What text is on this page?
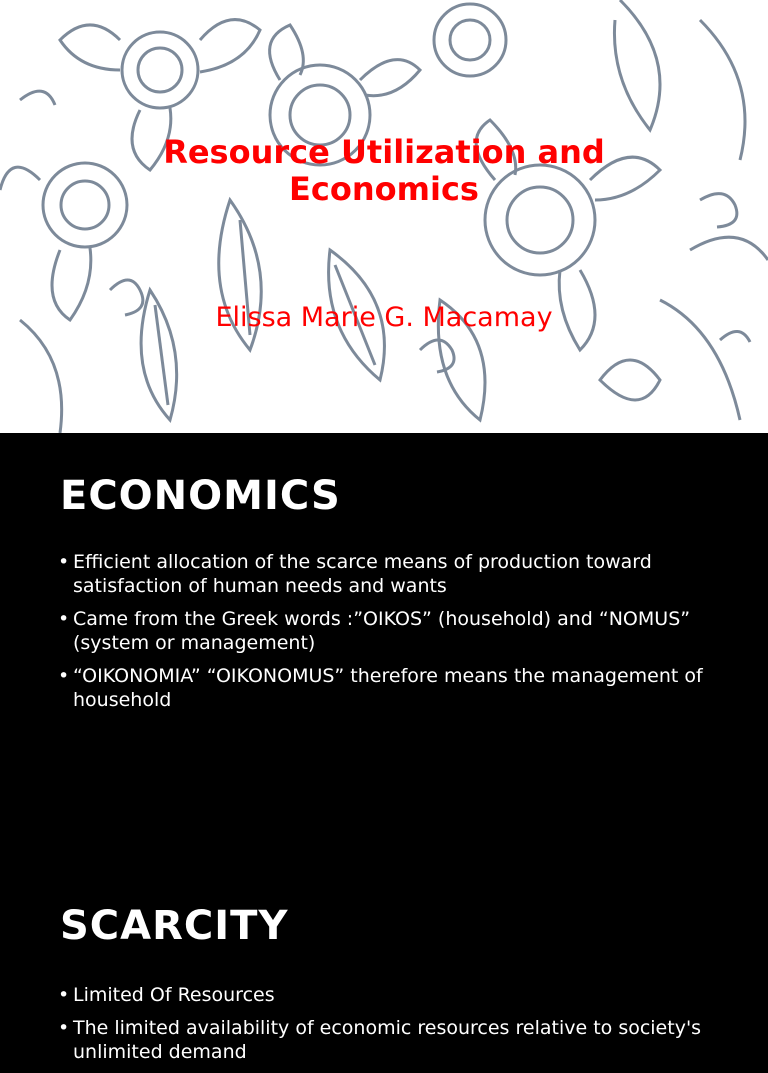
Resource Utilization and
Economics
Elissa Marie G. Macamay
ECONOMICS
• Efficient allocation of the scarce means of production toward satisfaction of human needs and wants
• Came from the Greek words :”OIKOS” (household) and “NOMUS” (system or management)
• “OIKONOMIA” “OIKONOMUS” therefore means the management of household
SCARCITY
• Limited Of Resources
• The limited availability of economic resources relative to society's unlimited demand
